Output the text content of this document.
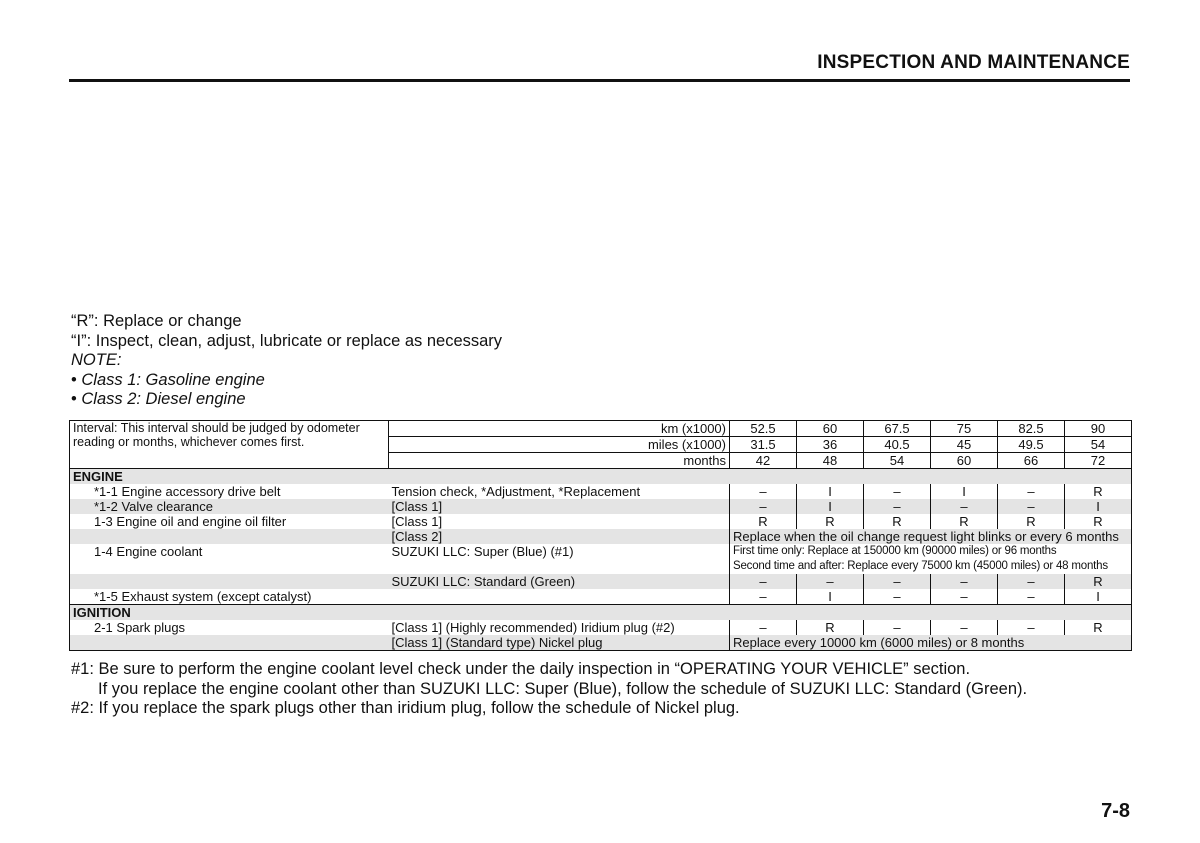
INSPECTION AND MAINTENANCE
“R”: Replace or change
“I”: Inspect, clean, adjust, lubricate or replace as necessary
NOTE:
• Class 1: Gasoline engine
• Class 2: Diesel engine
Interval: This interval should be judged by odometer reading or months, whichever comes first.	km (x1000)	52.5	60	67.5	75	82.5	90
	miles (x1000)	31.5	36	40.5	45	49.5	54
	months	42	48	54	60	66	72
ENGINE							
*1-1 Engine accessory drive belt	Tension check, *Adjustment, *Replacement	–	I	–	I	–	R
*1-2 Valve clearance	[Class 1]	–	I	–	–	–	I
1-3 Engine oil and engine oil filter	[Class 1]	R	R	R	R	R	R
	[Class 2]	Replace when the oil change request light blinks or every 6 months					
1-4 Engine coolant	SUZUKI LLC: Super (Blue) (#1)	First time only: Replace at 150000 km (90000 miles) or 96 months					
		Second time and after: Replace every 75000 km (45000 miles) or 48 months					
	SUZUKI LLC: Standard (Green)	–	–	–	–	–	R
*1-5 Exhaust system (except catalyst)		–	I	–	–	–	I
IGNITION							
2-1 Spark plugs	[Class 1] (Highly recommended) Iridium plug (#2)	–	R	–	–	–	R
	[Class 1] (Standard type) Nickel plug	Replace every 10000 km (6000 miles) or 8 months					
#1: Be sure to perform the engine coolant level check under the daily inspection in “OPERATING YOUR VEHICLE” section.
If you replace the engine coolant other than SUZUKI LLC: Super (Blue), follow the schedule of SUZUKI LLC: Standard (Green).
#2: If you replace the spark plugs other than iridium plug, follow the schedule of Nickel plug.
7-8
